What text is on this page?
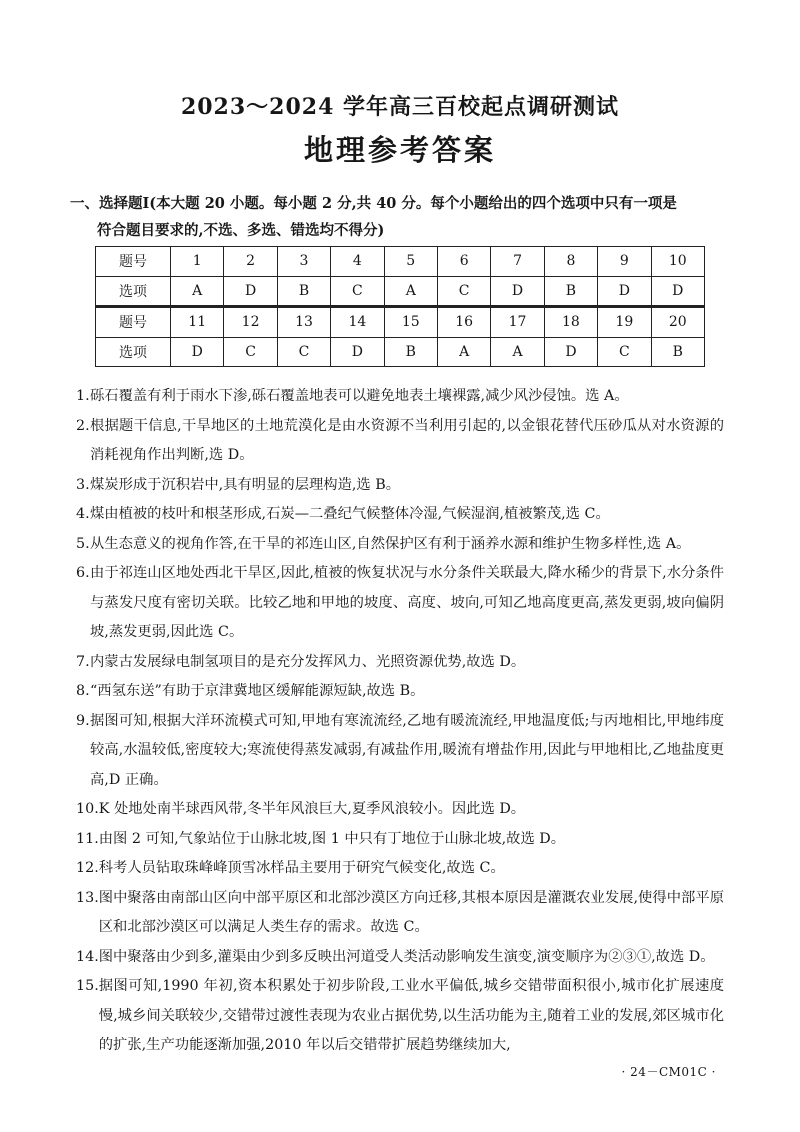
2023～2024 学年高三百校起点调研测试
地理参考答案
一、选择题Ⅰ(本大题 20 小题。每小题 2 分,共 40 分。每个小题给出的四个选项中只有一项是
符合题目要求的,不选、多选、错选均不得分)
题号	1	2	3	4	5	6	7	8	9	10
选项	A	D	B	C	A	C	D	B	D	D
题号	11	12	13	14	15	16	17	18	19	20
选项	D	C	C	D	B	A	A	D	C	B
1. 砾石覆盖有利于雨水下渗,砾石覆盖地表可以避免地表土壤裸露,减少风沙侵蚀。选 A。
2. 根据题干信息,干旱地区的土地荒漠化是由水资源不当利用引起的,以金银花替代压砂瓜从对水资源的消耗视角作出判断,选 D。
3. 煤炭形成于沉积岩中,具有明显的层理构造,选 B。
4. 煤由植被的枝叶和根茎形成,石炭—二叠纪气候整体冷湿,气候湿润,植被繁茂,选 C。
5. 从生态意义的视角作答,在干旱的祁连山区,自然保护区有利于涵养水源和维护生物多样性,选 A。
6. 由于祁连山区地处西北干旱区,因此,植被的恢复状况与水分条件关联最大,降水稀少的背景下,水分条件与蒸发尺度有密切关联。比较乙地和甲地的坡度、高度、坡向,可知乙地高度更高,蒸发更弱,坡向偏阴坡,蒸发更弱,因此选 C。
7. 内蒙古发展绿电制氢项目的是充分发挥风力、光照资源优势,故选 D。
8. “西氢东送”有助于京津冀地区缓解能源短缺,故选 B。
9. 据图可知,根据大洋环流模式可知,甲地有寒流流经,乙地有暖流流经,甲地温度低;与丙地相比,甲地纬度较高,水温较低,密度较大;寒流使得蒸发减弱,有减盐作用,暖流有增盐作用,因此与甲地相比,乙地盐度更高,D 正确。
10. K 处地处南半球西风带,冬半年风浪巨大,夏季风浪较小。因此选 D。
11. 由图 2 可知,气象站位于山脉北坡,图 1 中只有丁地位于山脉北坡,故选 D。
12. 科考人员钻取珠峰峰顶雪冰样品主要用于研究气候变化,故选 C。
13. 图中聚落由南部山区向中部平原区和北部沙漠区方向迁移,其根本原因是灌溉农业发展,使得中部平原区和北部沙漠区可以满足人类生存的需求。故选 C。
14. 图中聚落由少到多,灌渠由少到多反映出河道受人类活动影响发生演变,演变顺序为②③①,故选 D。
15. 据图可知,1990 年初,资本积累处于初步阶段,工业水平偏低,城乡交错带面积很小,城市化扩展速度慢,城乡间关联较少,交错带过渡性表现为农业占据优势,以生活功能为主,随着工业的发展,郊区城市化的扩张,生产功能逐渐加强,2010 年以后交错带扩展趋势继续加大,
· 24－CM01C ·
